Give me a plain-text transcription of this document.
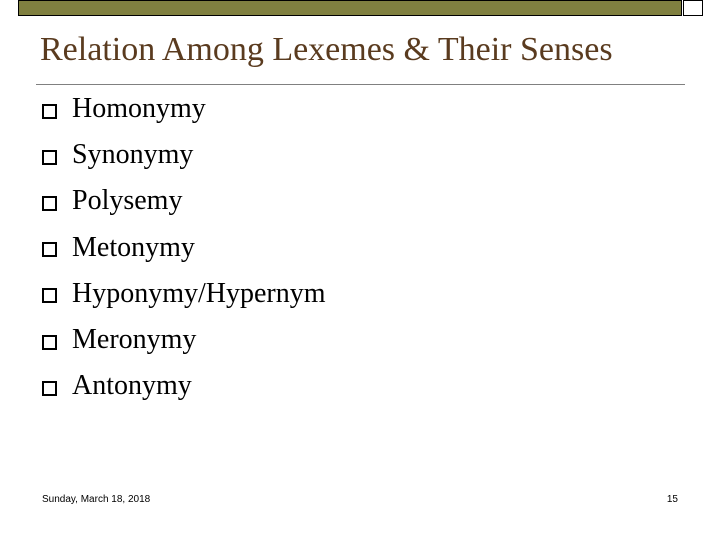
Relation Among Lexemes & Their Senses
Homonymy
Synonymy
Polysemy
Metonymy
Hyponymy/Hypernym
Meronymy
Antonymy
Sunday, March 18, 2018	15
